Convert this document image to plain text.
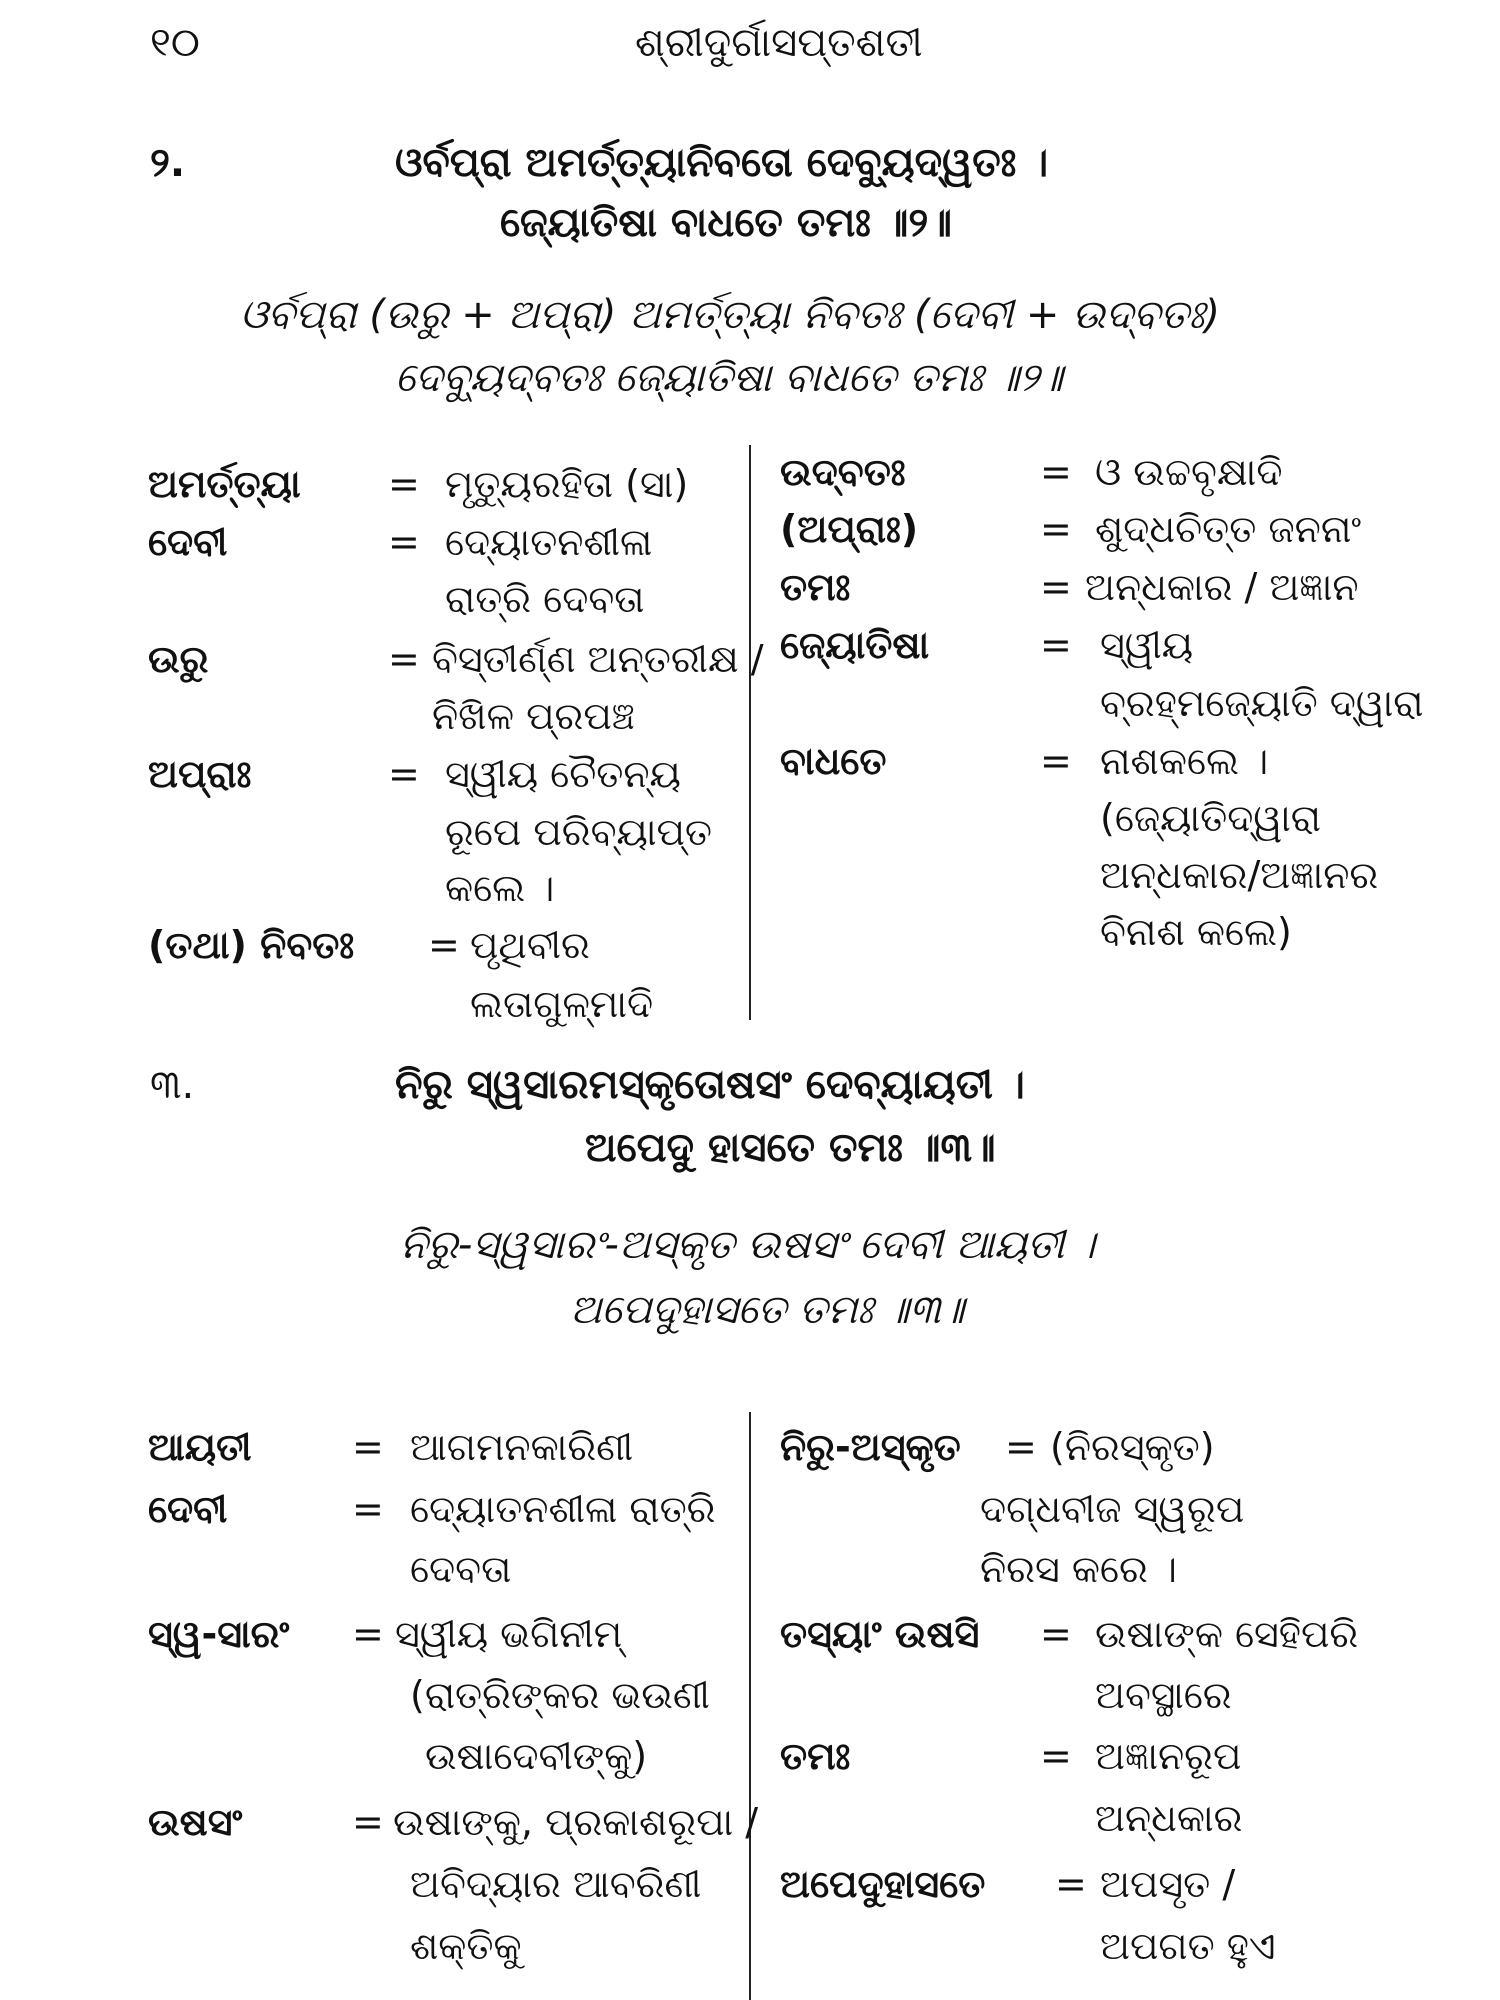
୧୦	ଶ୍ରୀଦୁର୍ଗାସପ୍ତଶତୀ
୨.	ଓର୍ବପ୍ରା ଅମର୍ତ୍ତ୍ୟାନିବତୋ ଦେବ୍ୟୁଦ୍ୱତଃ ।
ଜ୍ୟୋତିଷା ବାଧତେ ତମଃ ॥୨॥
ଓର୍ବପ୍ରା (ଉରୁ + ଅପ୍ରା) ଅମର୍ତ୍ତ୍ୟା ନିବତଃ (ଦେବୀ + ଉଦ୍‌ବତଃ)
ଦେବ୍ୟୁଦ୍‌ବତଃ ଜ୍ୟୋତିଷା ବାଧତେ ତମଃ ॥୨॥
ଅମର୍ତ୍ତ୍ୟା = ମୃତ୍ୟୁରହିତା (ସା)
ଦେବୀ	= ଦ୍ୟୋତନଶୀଳା
ରାତ୍ରି ଦେବତା
ଉରୁ	= ବିସ୍ତୀର୍ଣ୍ଣ ଅନ୍ତରୀକ୍ଷ /
ନିଖିଳ ପ୍ରପଞ୍ଚ
ଅପ୍ରାଃ	= ସ୍ୱୀୟ ଚୈତନ୍ୟ
ରୂପେ ପରିବ୍ୟାପ୍ତ
କଲେ ।
(ତଥା) ନିବତଃ = ପୃଥିବୀର
ଲତାଗୁଳ୍ମାଦି
ଉଦ୍‌ବତଃ	= ଓ ଉଚ୍ଚବୃକ୍ଷାଦି
(ଅପ୍ରାଃ)	= ଶୁଦ୍ଧଚିତ୍ତ ଜନନାଂ
ତମଃ	= ଅନ୍ଧକାର / ଅଜ୍ଞାନ
ଜ୍ୟୋତିଷା	= ସ୍ୱୀୟ
ବ୍ରହ୍ମଜ୍ୟୋତି ଦ୍ୱାରା
ବାଧତେ	= ନାଶକଲେ ।
(ଜ୍ୟୋତିଦ୍ୱାରା
ଅନ୍ଧକାର/ଅଜ୍ଞାନର
ବିନାଶ କଲେ)
୩.	ନିରୁ ସ୍ୱସାରମସ୍କୃତୋଷସଂ ଦେବ୍ୟାୟତୀ ।
ଅପେଦୁ ହାସତେ ତମଃ ॥୩॥
ନିରୁ-ସ୍ୱସାରଂ-ଅସ୍କୃତ ଉଷସଂ ଦେବୀ ଆୟତୀ ।
ଅପେଦୁହାସତେ ତମଃ ॥୩॥
ଆୟତୀ	= ଆଗମନକାରିଣୀ
ଦେବୀ	= ଦ୍ୟୋତନଶୀଳା ରାତ୍ରି
ଦେବତା
ସ୍ୱ-ସାରଂ = ସ୍ୱୀୟ ଭଗିନୀମ୍
(ରାତ୍ରିଙ୍କର ଭଉଣୀ
ଉଷାଦେବୀଙ୍କୁ)
ଉଷସଂ	= ଉଷାଙ୍କୁ, ପ୍ରକାଶରୂପା /
ଅବିଦ୍ୟାର ଆବରିଣୀ
ଶକ୍ତିକୁ
ନିରୁ-ଅସ୍କୃତ = (ନିରସ୍କୃତ)
ଦଗ୍ଧବୀଜ ସ୍ୱରୂପ
ନିରସ କରେ ।
ତସ୍ୟାଂ ଉଷସି = ଉଷାଙ୍କ ସେହିପରି
ଅବସ୍ଥାରେ
ତମଃ	= ଅଜ୍ଞାନରୂପ
ଅନ୍ଧକାର
ଅପେଦୁହାସତେ = ଅପସୃତ /
ଅପଗତ ହୁଏ
